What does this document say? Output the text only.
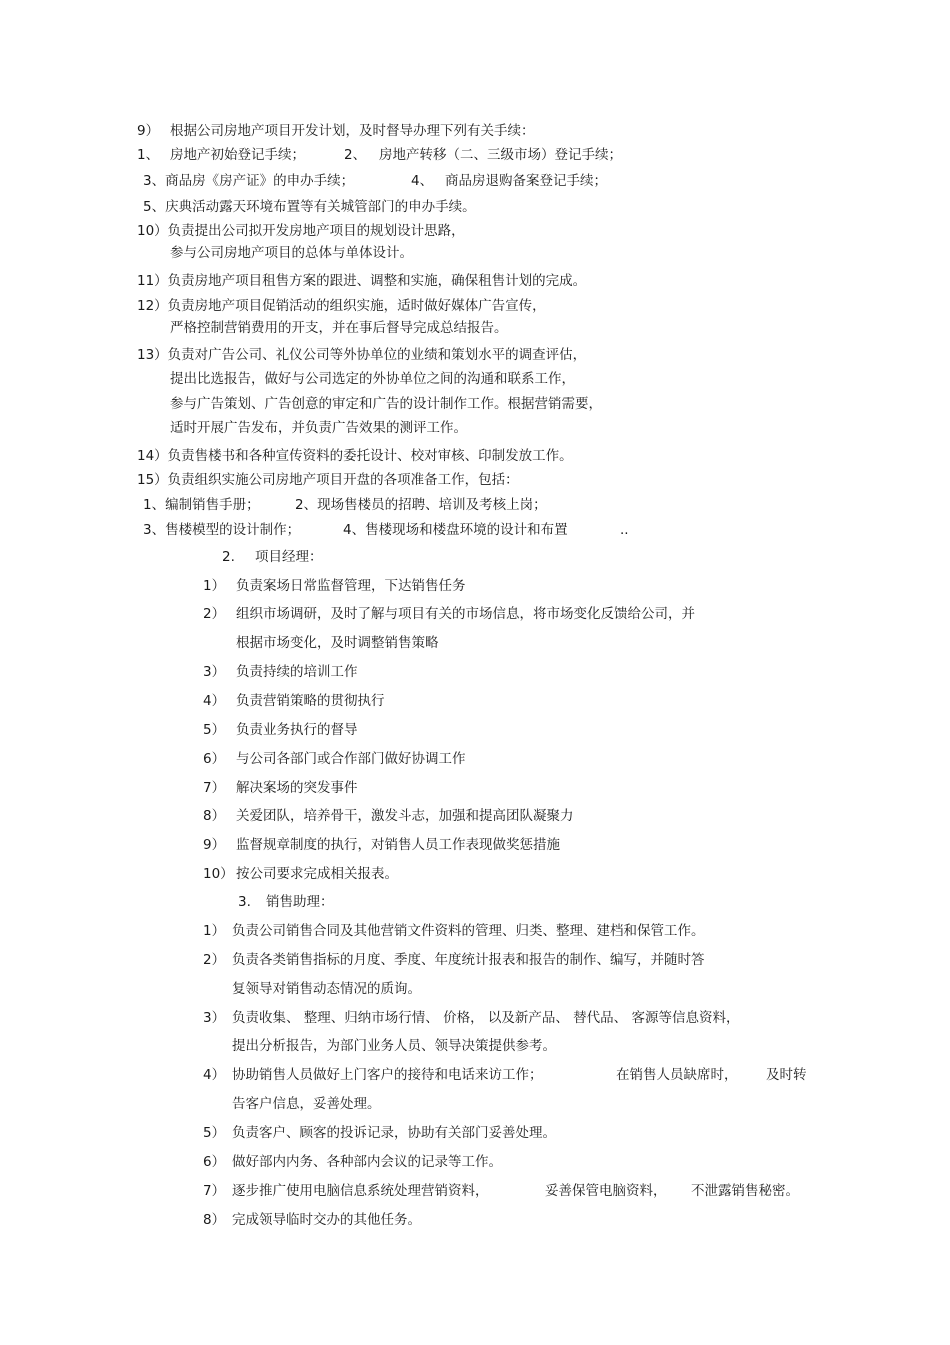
9） 根据公司房地产项目开发计划，及时督导办理下列有关手续：
1、 房地产初始登记手续；	2、 房地产转移（二、三级市场）登记手续；
3、商品房《房产证》的申办手续；	4、 商品房退购备案登记手续；
5、庆典活动露天环境布置等有关城管部门的申办手续。
10）负责提出公司拟开发房地产项目的规划设计思路，
参与公司房地产项目的总体与单体设计。
11）负责房地产项目租售方案的跟进、调整和实施，确保租售计划的完成。
12）负责房地产项目促销活动的组织实施，适时做好媒体广告宣传，
严格控制营销费用的开支，并在事后督导完成总结报告。
13）负责对广告公司、礼仪公司等外协单位的业绩和策划水平的调查评估，
提出比选报告，做好与公司选定的外协单位之间的沟通和联系工作，
参与广告策划、广告创意的审定和广告的设计制作工作。根据营销需要，
适时开展广告发布，并负责广告效果的测评工作。
14）负责售楼书和各种宣传资料的委托设计、校对审核、印制发放工作。
15）负责组织实施公司房地产项目开盘的各项准备工作，包括：
1、编制销售手册；	2、现场售楼员的招聘、培训及考核上岗；
3、售楼模型的设计制作；	4、售楼现场和楼盘环境的设计和布置	..
2. 项目经理：
1） 负责案场日常监督管理，下达销售任务
2） 组织市场调研，及时了解与项目有关的市场信息，将市场变化反馈给公司，并
根据市场变化，及时调整销售策略
3） 负责持续的培训工作
4） 负责营销策略的贯彻执行
5） 负责业务执行的督导
6） 与公司各部门或合作部门做好协调工作
7） 解决案场的突发事件
8） 关爱团队，培养骨干，激发斗志，加强和提高团队凝聚力
9） 监督规章制度的执行，对销售人员工作表现做奖惩措施
10） 按公司要求完成相关报表。
3. 销售助理：
1） 负责公司销售合同及其他营销文件资料的管理、归类、整理、建档和保管工作。
2） 负责各类销售指标的月度、季度、年度统计报表和报告的制作、编写，并随时答
复领导对销售动态情况的质询。
3） 负责收集、 整理、归纳市场行情、 价格， 以及新产品、 替代品、 客源等信息资料，
提出分析报告，为部门业务人员、领导决策提供参考。
4） 协助销售人员做好上门客户的接待和电话来访工作；	在销售人员缺席时， 及时转
告客户信息，妥善处理。
5） 负责客户、顾客的投诉记录，协助有关部门妥善处理。
6） 做好部内内务、各种部内会议的记录等工作。
7） 逐步推广使用电脑信息系统处理营销资料，	妥善保管电脑资料， 不泄露销售秘密。
8） 完成领导临时交办的其他任务。
